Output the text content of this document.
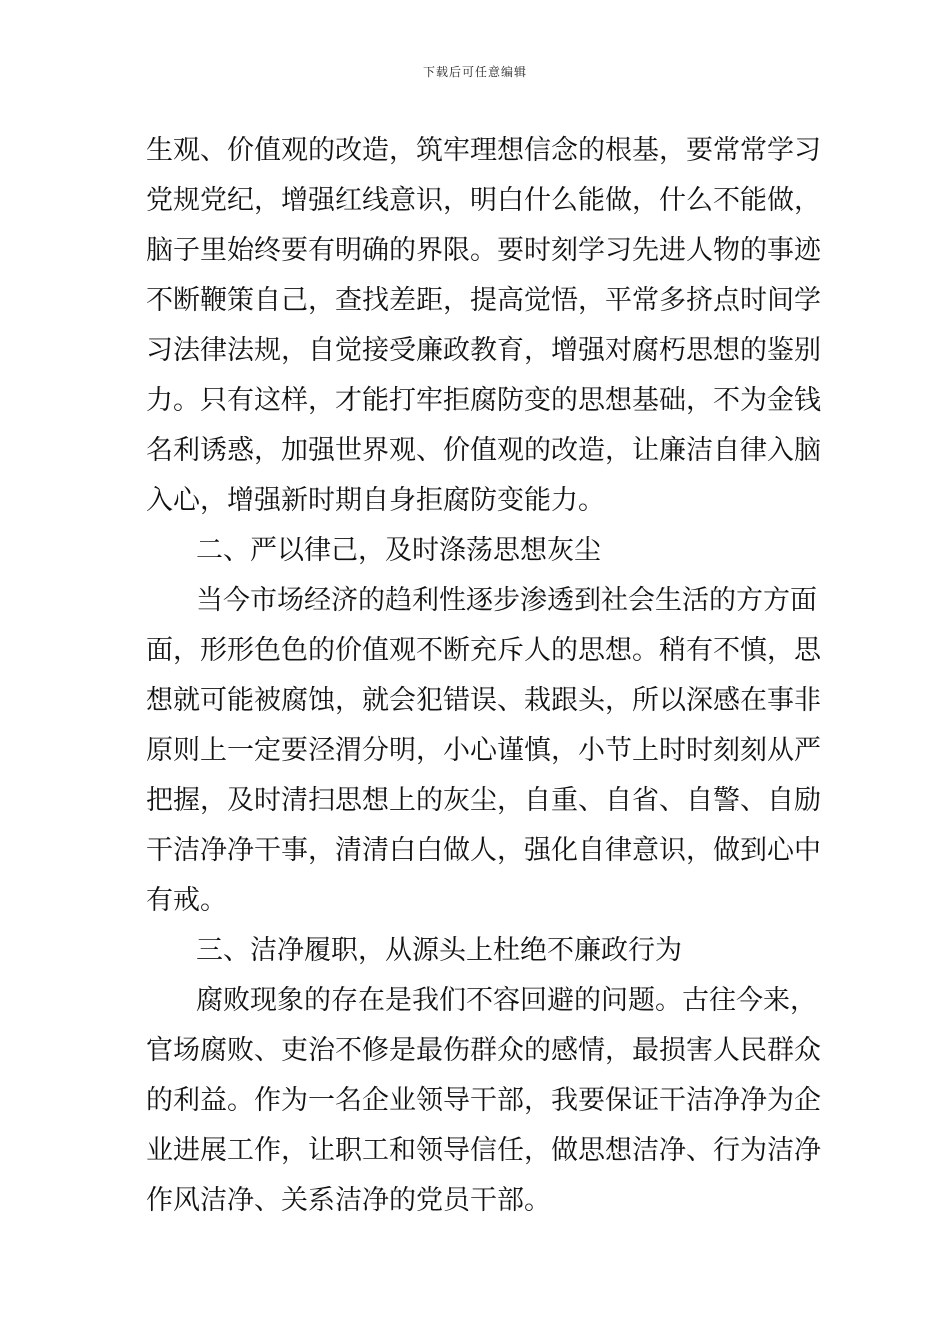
下载后可任意编辑
生观、价值观的改造，筑牢理想信念的根基，要常常学习
党规党纪，增强红线意识，明白什么能做，什么不能做，
脑子里始终要有明确的界限。要时刻学习先进人物的事迹
不断鞭策自己，查找差距，提高觉悟，平常多挤点时间学
习法律法规，自觉接受廉政教育，增强对腐朽思想的鉴别
力。只有这样，才能打牢拒腐防变的思想基础，不为金钱
名利诱惑，加强世界观、价值观的改造，让廉洁自律入脑
入心，增强新时期自身拒腐防变能力。
二、严以律己，及时涤荡思想灰尘
当今市场经济的趋利性逐步渗透到社会生活的方方面
面，形形色色的价值观不断充斥人的思想。稍有不慎，思
想就可能被腐蚀，就会犯错误、栽跟头，所以深感在事非
原则上一定要泾渭分明，小心谨慎，小节上时时刻刻从严
把握，及时清扫思想上的灰尘，自重、自省、自警、自励
干洁净净干事，清清白白做人，强化自律意识，做到心中
有戒。
三、洁净履职，从源头上杜绝不廉政行为
腐败现象的存在是我们不容回避的问题。古往今来，
官场腐败、吏治不修是最伤群众的感情，最损害人民群众
的利益。作为一名企业领导干部，我要保证干洁净净为企
业进展工作，让职工和领导信任，做思想洁净、行为洁净
作风洁净、关系洁净的党员干部。
